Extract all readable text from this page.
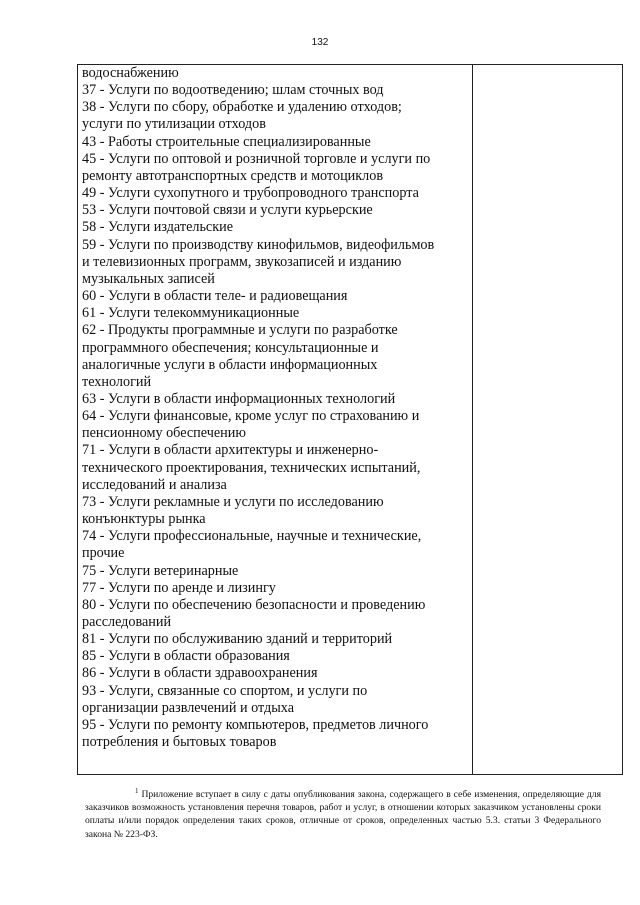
132
водоснабжению
37 - Услуги по водоотведению; шлам сточных вод
38 - Услуги по сбору, обработке и удалению отходов;
услуги по утилизации отходов
43 - Работы строительные специализированные
45 - Услуги по оптовой и розничной торговле и услуги по
ремонту автотранспортных средств и мотоциклов
49 - Услуги сухопутного и трубопроводного транспорта
53 - Услуги почтовой связи и услуги курьерские
58 - Услуги издательские
59 - Услуги по производству кинофильмов, видеофильмов
и телевизионных программ, звукозаписей и изданию
музыкальных записей
60 - Услуги в области теле- и радиовещания
61 - Услуги телекоммуникационные
62 - Продукты программные и услуги по разработке
программного обеспечения; консультационные и
аналогичные услуги в области информационных
технологий
63 - Услуги в области информационных технологий
64 - Услуги финансовые, кроме услуг по страхованию и
пенсионному обеспечению
71 - Услуги в области архитектуры и инженерно-
технического проектирования, технических испытаний,
исследований и анализа
73 - Услуги рекламные и услуги по исследованию
конъюнктуры рынка
74 - Услуги профессиональные, научные и технические,
прочие
75 - Услуги ветеринарные
77 - Услуги по аренде и лизингу
80 - Услуги по обеспечению безопасности и проведению
расследований
81 - Услуги по обслуживанию зданий и территорий
85 - Услуги в области образования
86 - Услуги в области здравоохранения
93 - Услуги, связанные со спортом, и услуги по
организации развлечений и отдыха
95 - Услуги по ремонту компьютеров, предметов личного
потребления и бытовых товаров
$^1$ Приложение вступает в силу с даты опубликования закона, содержащего в себе изменения, определяющие для заказчиков возможность установления перечня товаров, работ и услуг, в отношении которых заказчиком установлены сроки оплаты и/или порядок определения таких сроков, отличные от сроков, определенных частью 5.3. статьи 3 Федерального закона № 223-ФЗ.
